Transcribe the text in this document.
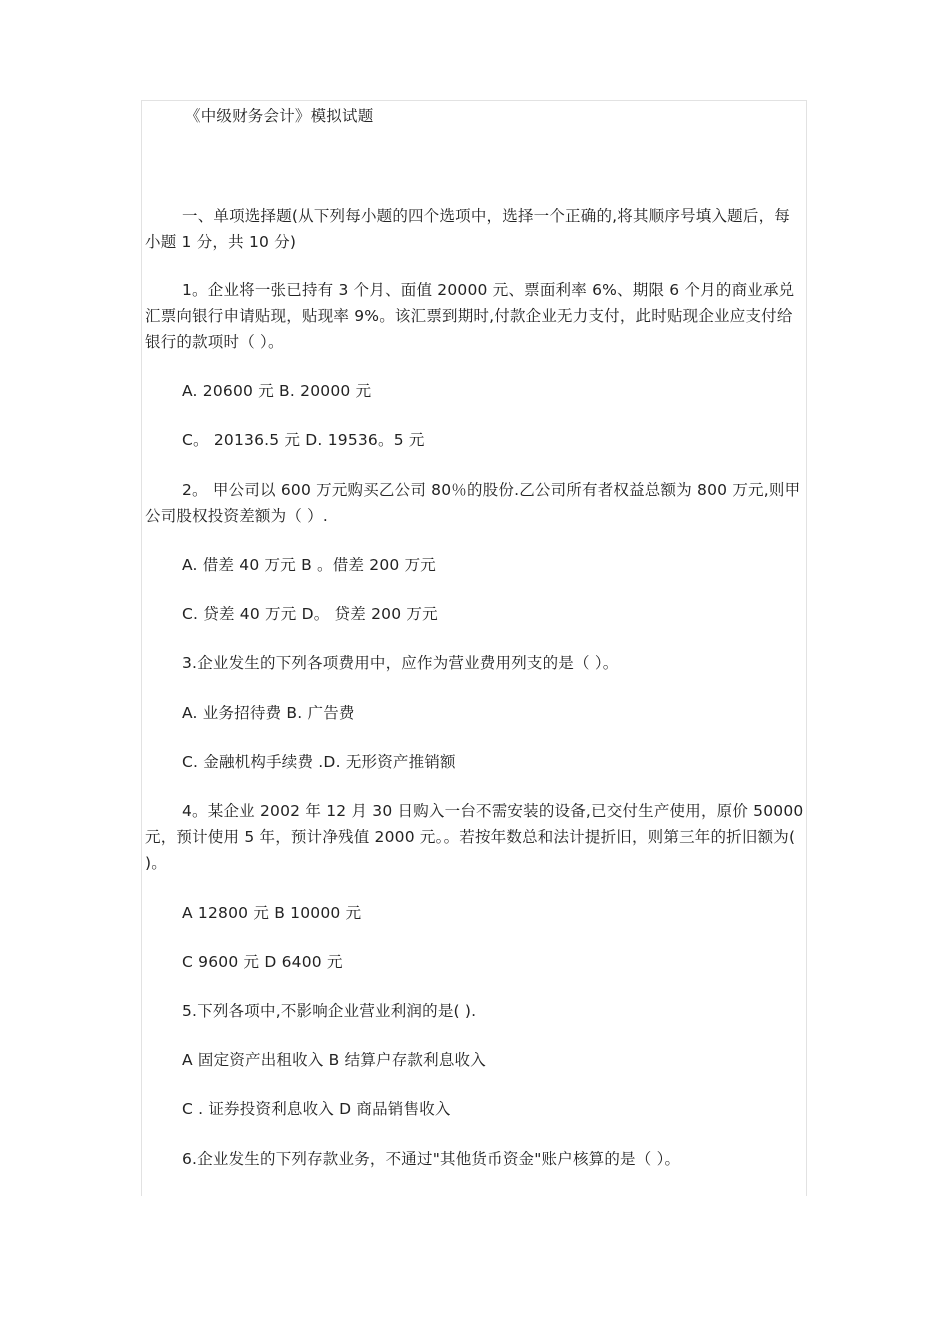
《中级财务会计》模拟试题
一、单项选择题(从下列每小题的四个选项中，选择一个正确的,将其顺序号填入题后，每小题 1 分，共 10 分)
1。企业将一张已持有 3 个月、面值 20000 元、票面利率 6%、期限 6 个月的商业承兑汇票向银行申请贴现，贴现率 9%。该汇票到期时,付款企业无力支付，此时贴现企业应支付给银行的款项时（ ）。
A. 20600 元 B. 20000 元
C。 20136.5 元 D. 19536。5 元
2。 甲公司以 600 万元购买乙公司 80％的股份.乙公司所有者权益总额为 800 万元,则甲公司股权投资差额为（ ）.
A. 借差 40 万元 B 。借差 200 万元
C. 贷差 40 万元 D。 贷差 200 万元
3.企业发生的下列各项费用中，应作为营业费用列支的是（ ）。
A. 业务招待费 B. 广告费
C. 金融机构手续费 .D. 无形资产推销额
4。某企业 2002 年 12 月 30 日购入一台不需安装的设备,已交付生产使用，原价 50000 元，预计使用 5 年，预计净残值 2000 元。。若按年数总和法计提折旧，则第三年的折旧额为( )。
A 12800 元 B 10000 元
C 9600 元 D 6400 元
5.下列各项中,不影响企业营业利润的是( ).
A 固定资产出租收入 B 结算户存款利息收入
C . 证券投资利息收入 D 商品销售收入
6.企业发生的下列存款业务，不通过"其他货币资金"账户核算的是（ ）。
